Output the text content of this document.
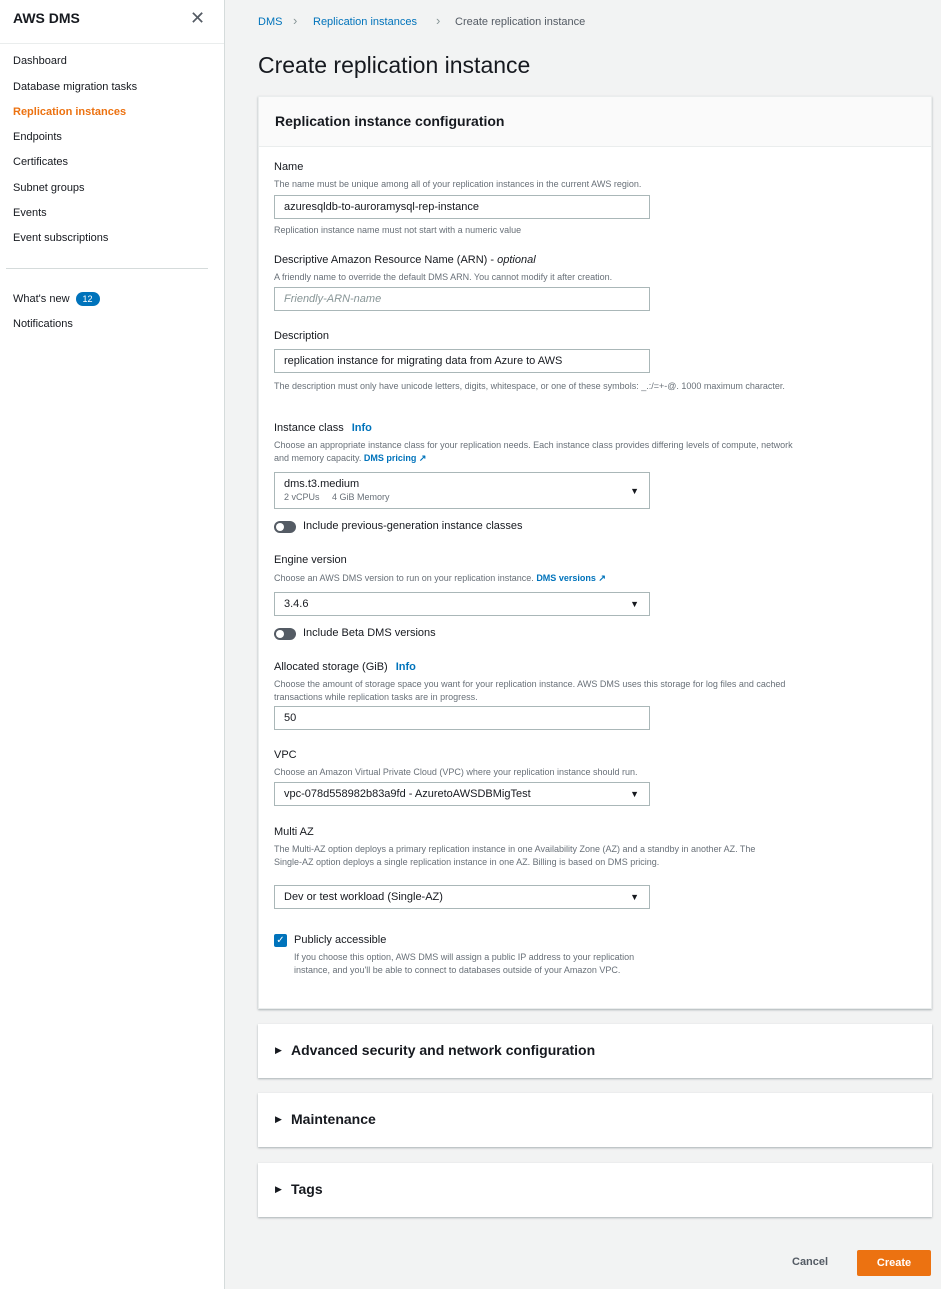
AWS DMS	✕
Dashboard
Database migration tasks
Replication instances
Endpoints
Certificates
Subnet groups
Events
Event subscriptions
What's new 12
Notifications
DMS › Replication instances › Create replication instance
Create replication instance
Replication instance configuration
Name
The name must be unique among all of your replication instances in the current AWS region.
azuresqldb-to-auroramysql-rep-instance
Replication instance name must not start with a numeric value
Descriptive Amazon Resource Name (ARN) - optional
A friendly name to override the default DMS ARN. You cannot modify it after creation.
Friendly-ARN-name
Description
replication instance for migrating data from Azure to AWS
The description must only have unicode letters, digits, whitespace, or one of these symbols: _.:/=+-@. 1000 maximum character.
Instance class Info
Choose an appropriate instance class for your replication needs. Each instance class provides differing levels of compute, network and memory capacity. DMS pricing ↗
dms.t3.medium
2 vCPUs 4 GiB Memory
▼
Include previous-generation instance classes
Engine version
Choose an AWS DMS version to run on your replication instance. DMS versions ↗
3.4.6	▼
Include Beta DMS versions
Allocated storage (GiB) Info
Choose the amount of storage space you want for your replication instance. AWS DMS uses this storage for log files and cached transactions while replication tasks are in progress.
50
VPC
Choose an Amazon Virtual Private Cloud (VPC) where your replication instance should run.
vpc-078d558982b83a9fd - AzuretoAWSDBMigTest	▼
Multi AZ
The Multi-AZ option deploys a primary replication instance in one Availability Zone (AZ) and a standby in another AZ. The Single-AZ option deploys a single replication instance in one AZ. Billing is based on DMS pricing.
Dev or test workload (Single-AZ)	▼
✓ Publicly accessible
If you choose this option, AWS DMS will assign a public IP address to your replication instance, and you'll be able to connect to databases outside of your Amazon VPC.
▶ Advanced security and network configuration
▶ Maintenance
▶ Tags
Cancel	Create
